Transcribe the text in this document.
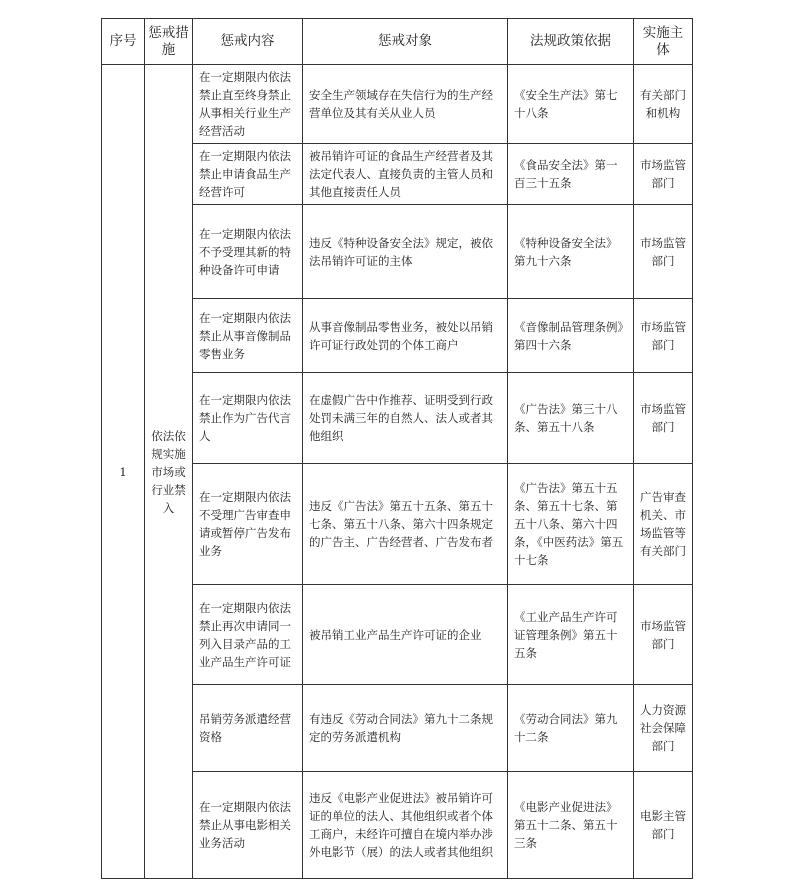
序号	惩戒措施	惩戒内容	惩戒对象	法规政策依据	实施主体
1	依法依规实施市场或行业禁入	在一定期限内依法禁止直至终身禁止从事相关行业生产经营活动	安全生产领域存在失信行为的生产经营单位及其有关从业人员	《安全生产法》第七十八条	有关部门和机构
		在一定期限内依法禁止申请食品生产经营许可	被吊销许可证的食品生产经营者及其法定代表人、直接负责的主管人员和其他直接责任人员	《食品安全法》第一百三十五条	市场监管部门
		在一定期限内依法不予受理其新的特种设备许可申请	违反《特种设备安全法》规定，被依法吊销许可证的主体	《特种设备安全法》第九十六条	市场监管部门
		在一定期限内依法禁止从事音像制品零售业务	从事音像制品零售业务，被处以吊销许可证行政处罚的个体工商户	《音像制品管理条例》第四十六条	市场监管部门
		在一定期限内依法禁止作为广告代言人	在虚假广告中作推荐、证明受到行政处罚未满三年的自然人、法人或者其他组织	《广告法》第三十八条、第五十八条	市场监管部门
		在一定期限内依法不受理广告审查申请或暂停广告发布业务	违反《广告法》第五十五条、第五十七条、第五十八条、第六十四条规定的广告主、广告经营者、广告发布者	《广告法》第五十五条、第五十七条、第五十八条、第六十四条，《中医药法》第五十七条	广告审查机关、市场监管等有关部门
		在一定期限内依法禁止再次申请同一列入目录产品的工业产品生产许可证	被吊销工业产品生产许可证的企业	《工业产品生产许可证管理条例》第五十五条	市场监管部门
		吊销劳务派遣经营资格	有违反《劳动合同法》第九十二条规定的劳务派遣机构	《劳动合同法》第九十二条	人力资源社会保障部门
		在一定期限内依法禁止从事电影相关业务活动	违反《电影产业促进法》被吊销许可证的单位的法人、其他组织或者个体工商户，未经许可擅自在境内举办涉外电影节（展）的法人或者其他组织	《电影产业促进法》第五十二条、第五十三条	电影主管部门
